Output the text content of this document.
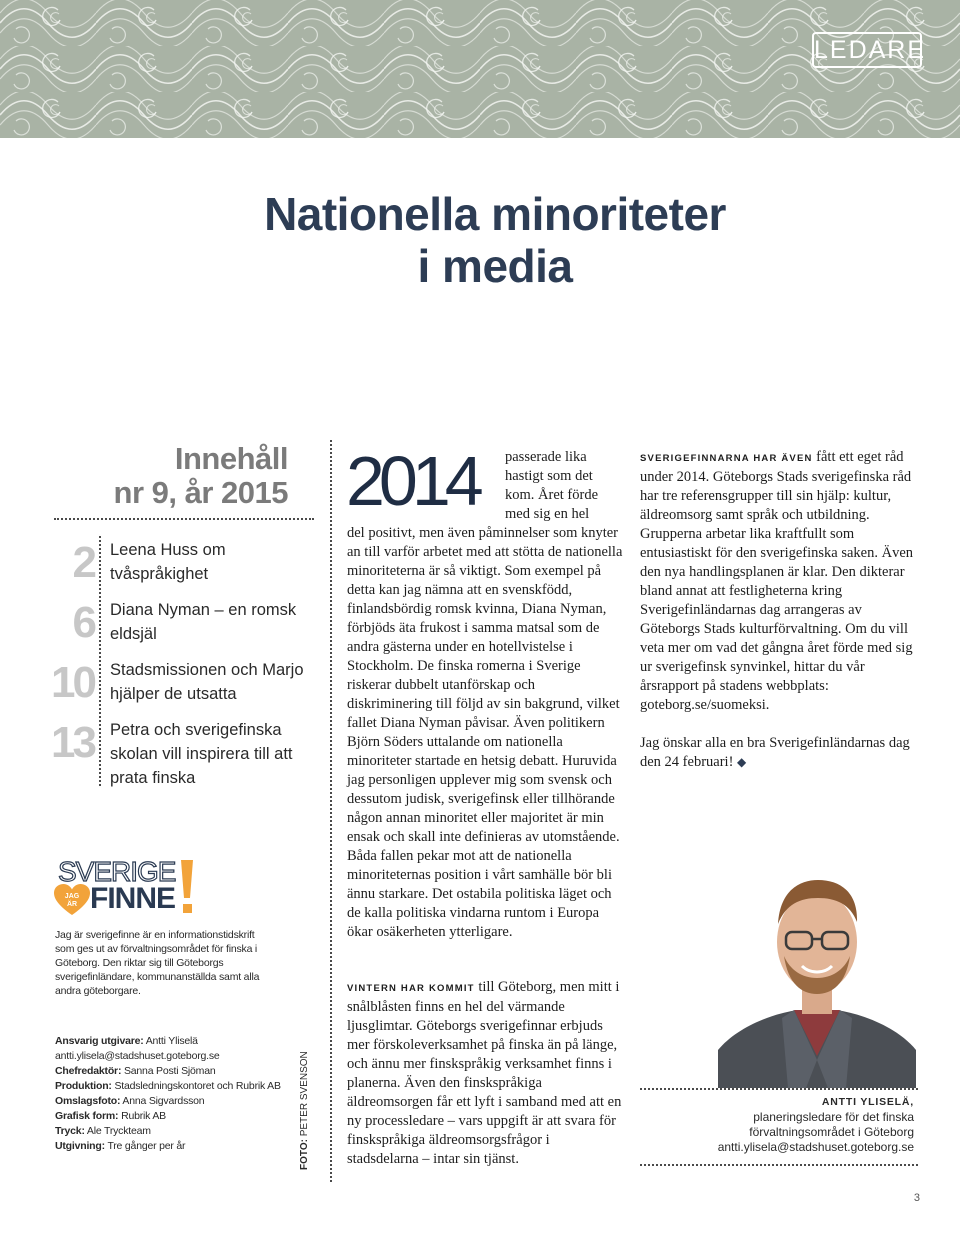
LEDARE
Nationella minoriteter
i media
Innehåll
nr 9, år 2015
2 Leena Huss om tvåspråkighet
6 Diana Nyman – en romsk eldsjäl
10 Stadsmissionen och Marjo hjälper de utsatta
13 Petra och sverigefinska skolan vill inspirera till att prata finska
SVERIGE
FINNE
JAG
ÄR

Jag är sverigefinne är en informationstidskrift som ges ut av förvaltningsområdet för finska i Göteborg. Den riktar sig till Göteborgs sverigefinländare, kommunanställda samt alla andra göteborgare.

Ansvarig utgivare: Antti Yliselä
antti.ylisela@stadshuset.goteborg.se
Chefredaktör: Sanna Posti Sjöman
Produktion: Stadsledningskontoret och Rubrik AB
Omslagsfoto: Anna Sigvardsson
Grafisk form: Rubrik AB
Tryck: Ale Tryckteam
Utgivning: Tre gånger per år	FOTO: PETER SVENSON
2014 passerade lika
hastigt som det
kom. Året förde
med sig en hel

del positivt, men även påminnelser som knyter an till varför arbetet med att stötta de nationella minoriteterna är så viktigt. Som exempel på detta kan jag nämna att en svenskfödd, finlandsbördig romsk kvinna, Diana Nyman, förbjöds äta frukost i samma matsal som de andra gästerna under en hotellvistelse i Stockholm. De finska romerna i Sverige riskerar dubbelt utanförskap och diskriminering till följd av sin bakgrund, vilket fallet Diana Nyman påvisar. Även politikern Björn Söders uttalande om nationella minoriteter startade en hetsig debatt. Huruvida jag personligen upplever mig som svensk och dessutom judisk, sverigefinsk eller tillhörande någon annan minoritet eller majoritet är min ensak och skall inte definieras av utomstående. Båda fallen pekar mot att de nationella minoriteternas position i vårt samhälle bör bli ännu starkare. Det ostabila politiska läget och de kalla politiska vindarna runtom i Europa ökar osäkerheten ytterligare.

VINTERN HAR KOMMIT till Göteborg, men mitt i snålblåsten finns en hel del värmande ljusglimtar. Göteborgs sverigefinnar erbjuds mer förskoleverksamhet på finska än på länge, och ännu mer finskspråkig verksamhet finns i planerna. Även den finskspråkiga äldreomsorgen får ett lyft i samband med att en ny processledare – vars uppgift är att svara för finskspråkiga äldreomsorgsfrågor i stadsdelarna – intar sin tjänst.

SVERIGEFINNARNA HAR ÄVEN fått ett eget råd under 2014. Göteborgs Stads sverigefinska råd har tre referensgrupper till sin hjälp: kultur, äldreomsorg samt språk och utbildning. Grupperna arbetar lika kraftfullt som entusiastiskt för den sverigefinska saken. Även den nya handlingsplanen är klar. Den dikterar bland annat att festligheterna kring Sverigefinländarnas dag arrangeras av Göteborgs Stads kulturförvaltning. Om du vill veta mer om vad det gångna året förde med sig ur sverigefinsk synvinkel, hittar du vår årsrapport på stadens webbplats: goteborg.se/suomeksi.

Jag önskar alla en bra Sverigefinländarnas dag den 24 februari! ◆

ANTTI YLISELÄ,
planeringsledare för det finska
förvaltningsområdet i Göteborg
antti.ylisela@stadshuset.goteborg.se
3
